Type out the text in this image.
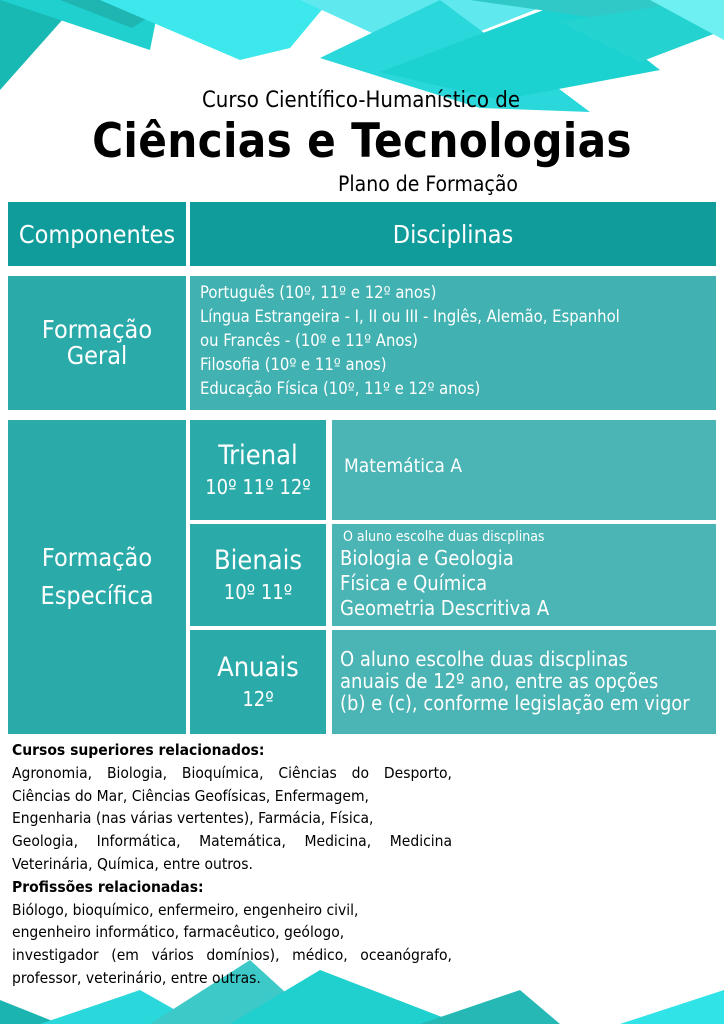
Curso Científico-Humanístico de
Ciências e Tecnologias
Plano de Formação
Componentes	Disciplinas
Formação
Geral
Português (10º, 11º e 12º anos)
Língua Estrangeira - I, II ou III - Inglês, Alemão, Espanhol
ou Francês - (10º e 11º Anos)
Filosofia (10º e 11º anos)
Educação Física (10º, 11º e 12º anos)
Formação
Específica
Trienal
10º 11º 12º
Matemática A
Bienais
10º 11º
O aluno escolhe duas discplinas
Biologia e Geologia
Física e Química
Geometria Descritiva A
Anuais
12º
O aluno escolhe duas discplinas
anuais de 12º ano, entre as opções
(b) e (c), conforme legislação em vigor
Cursos superiores relacionados:
Agronomia, Biologia, Bioquímica, Ciências do Desporto,
Ciências do Mar, Ciências Geofísicas, Enfermagem,
Engenharia (nas várias vertentes), Farmácia, Física,
Geologia, Informática, Matemática, Medicina, Medicina
Veterinária, Química, entre outros.
Profissões relacionadas:
Biólogo, bioquímico, enfermeiro, engenheiro civil,
engenheiro informático, farmacêutico, geólogo,
investigador (em vários domínios), médico, oceanógrafo,
professor, veterinário, entre outras.
